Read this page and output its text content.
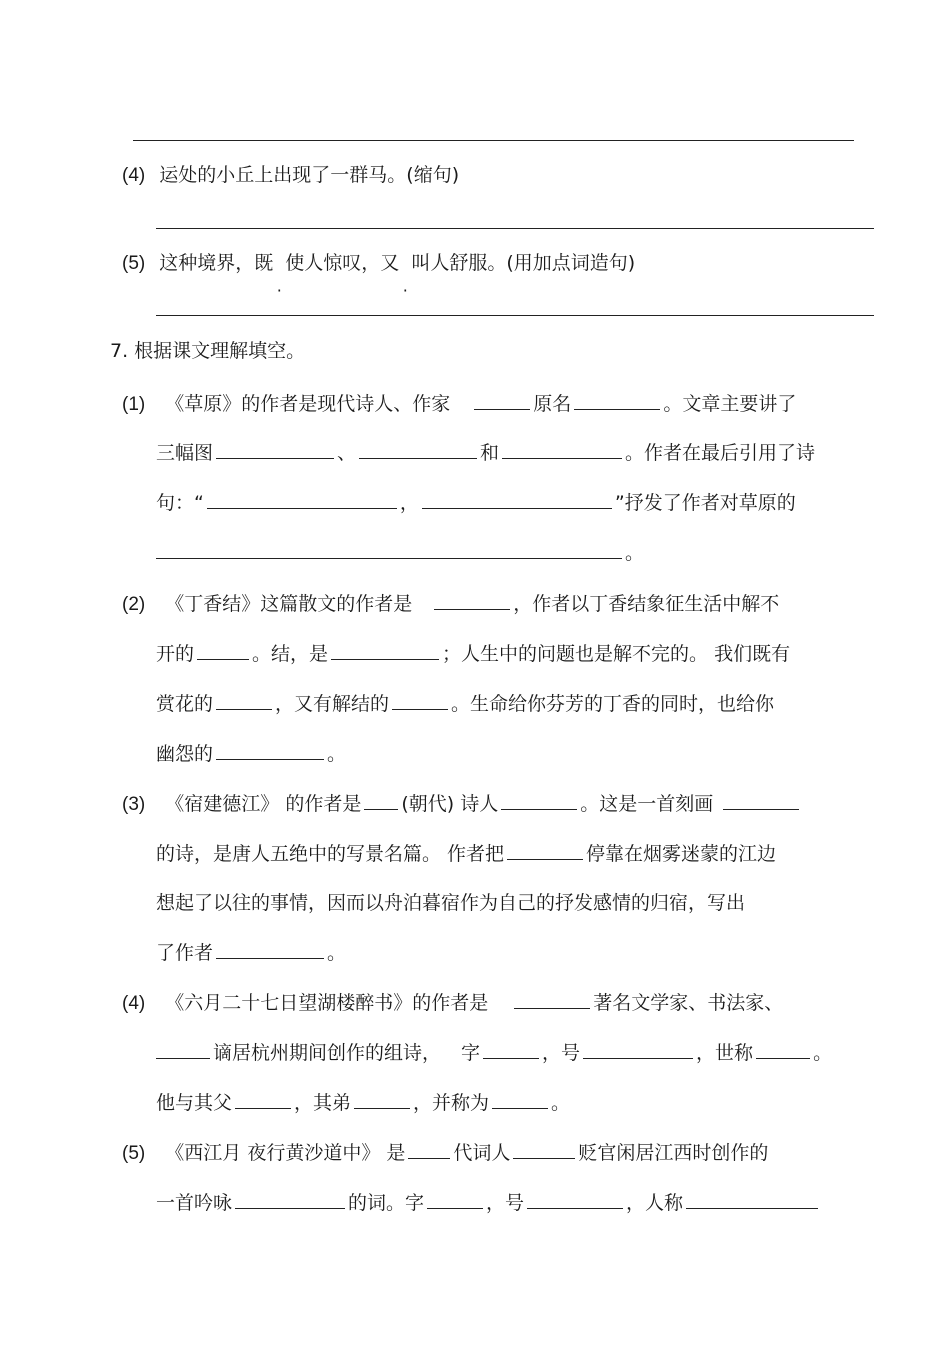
(4) 运处的小丘上出现了一群马。(缩句)
(5) 这种境界，既 使人惊叹，又 叫人舒服。(用加点词造句)
7. 根据课文理解填空。
(1) 《草原》的作者是现代诗人、作家	原名	。文章主要讲了
三幅图	、	和	。作者在最后引用了诗
句：“	，	”抒发了作者对草原的
。
(2) 《丁香结》这篇散文的作者是	，作者以丁香结象征生活中解不
开的	。结，是	；人生中的问题也是解不完的。 我们既有
赏花的	，又有解结的	。生命给你芬芳的丁香的同时，也给你
幽怨的	。
(3) 《宿建德江》 的作者是 (朝代) 诗人	。这是一首刻画
的诗，是唐人五绝中的写景名篇。 作者把	停靠在烟雾迷蒙的江边
想起了以往的事情，因而以舟泊暮宿作为自己的抒发感情的归宿，写出
了作者	。
(4) 《六月二十七日望湖楼醉书》的作者是	著名文学家、书法家、
谪居杭州期间创作的组诗， 字	，号	，世称	。
他与其父	，其弟	，并称为	。
(5) 《西江月 夜行黄沙道中》 是	代词人	贬官闲居江西时创作的
一首吟咏	的词。字	，号	，人称
